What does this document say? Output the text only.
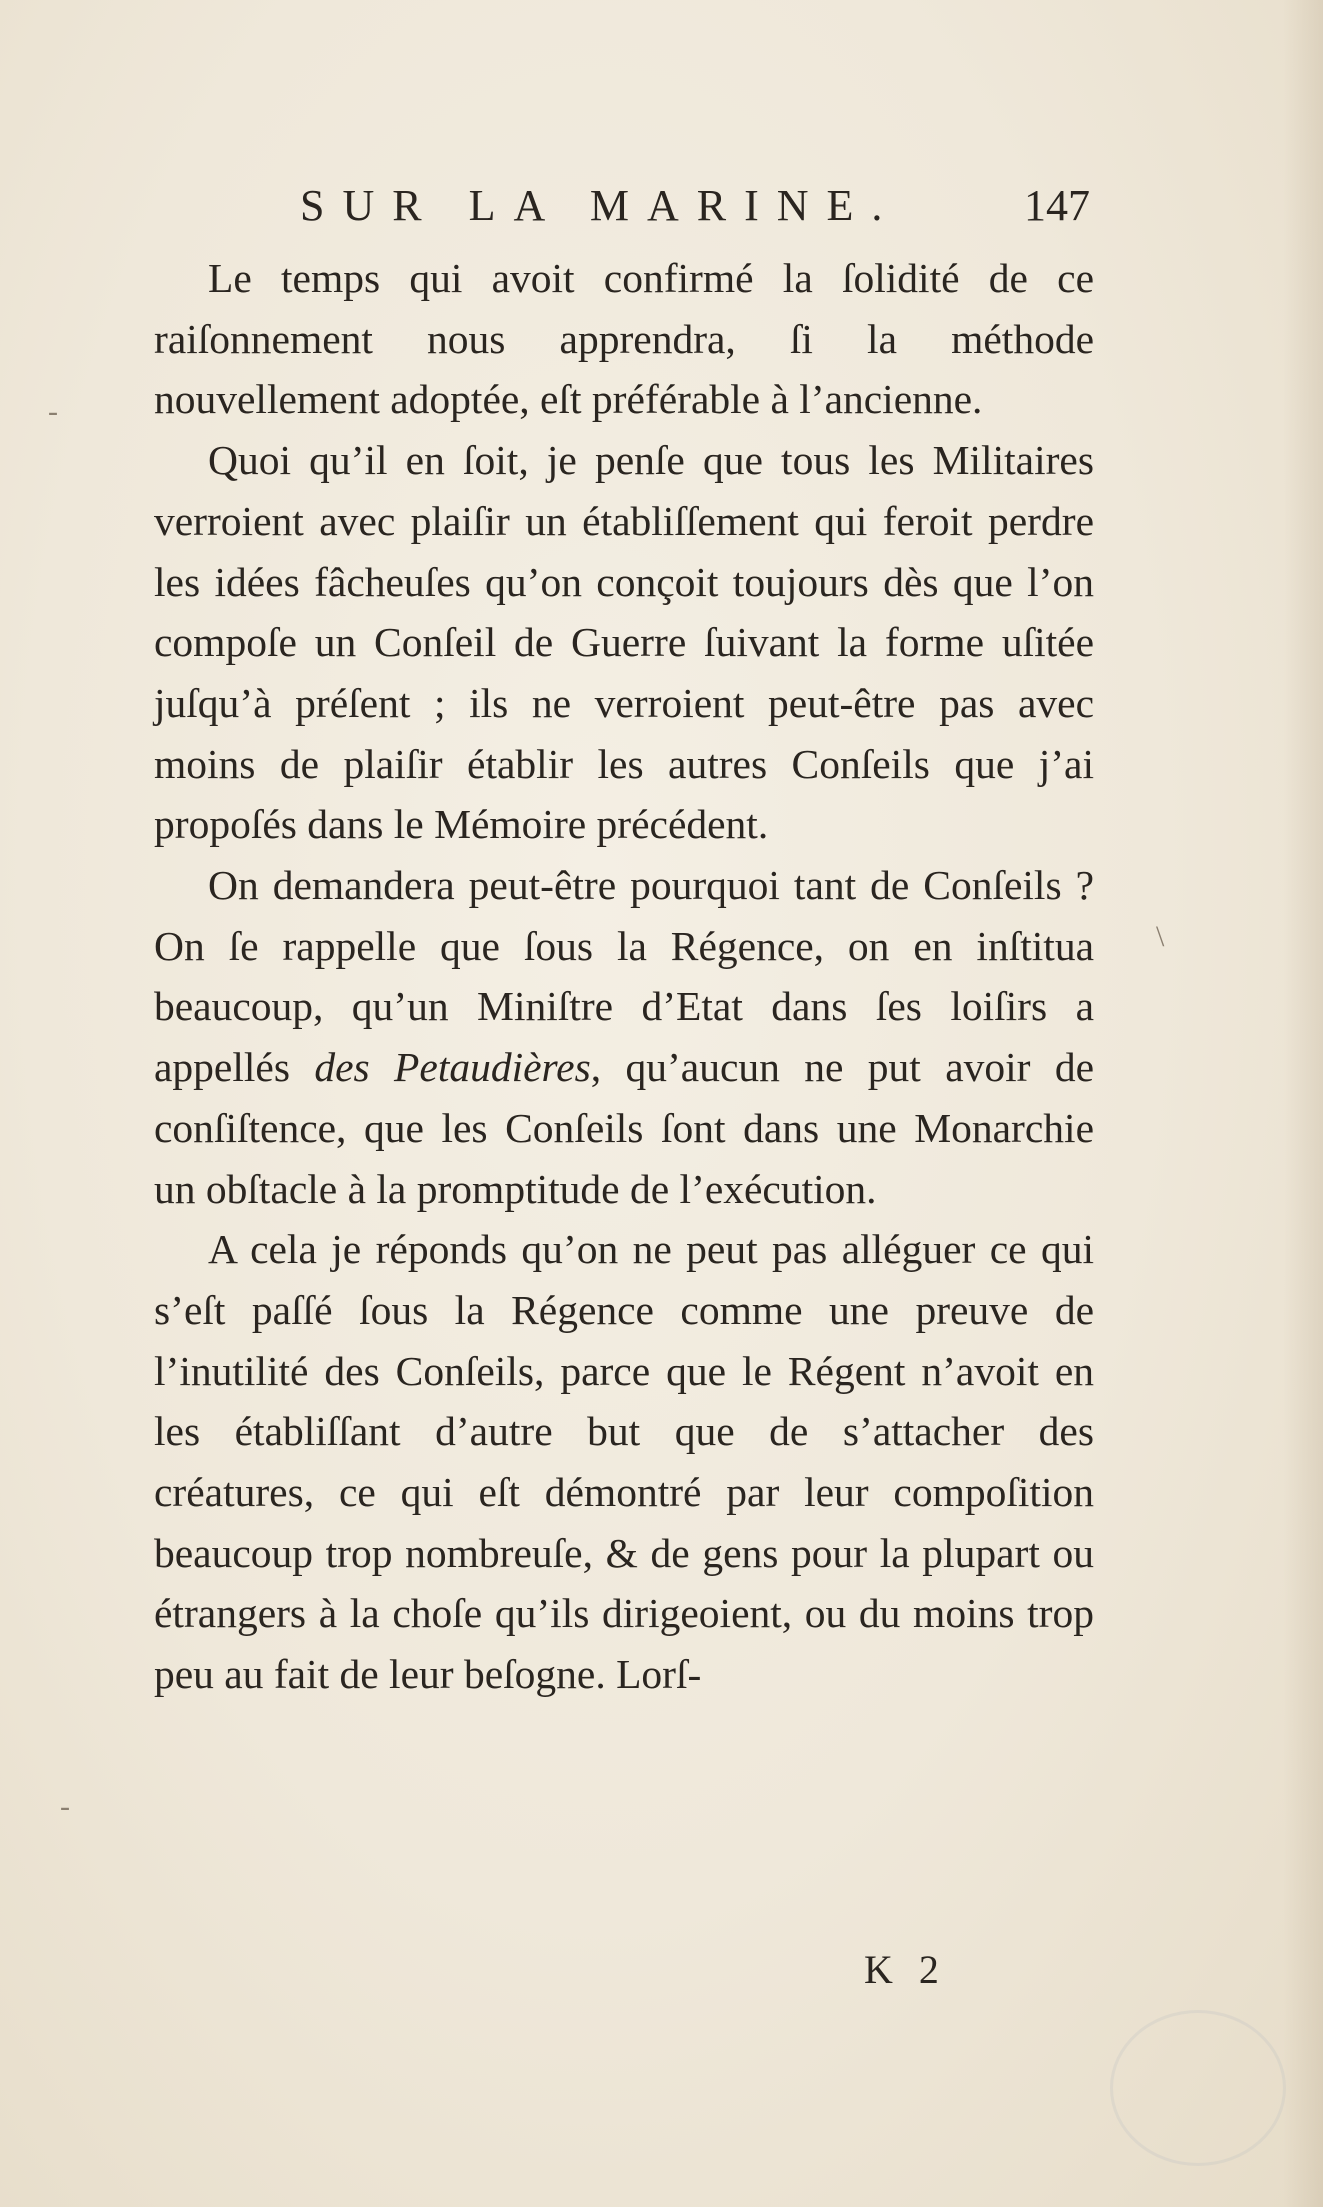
SUR LA MARINE.	147

Le temps qui avoit confirmé la ſolidité de ce raiſonnement nous apprendra, ſi la méthode nouvellement adoptée, eſt préférable à l’ancienne.

Quoi qu’il en ſoit, je penſe que tous les Militaires verroient avec plaiſir un établiſſement qui feroit perdre les idées fâcheuſes qu’on conçoit toujours dès que l’on compoſe un Conſeil de Guerre ſuivant la forme uſitée juſqu’à préſent ; ils ne verroient peut-être pas avec moins de plaiſir établir les autres Conſeils que j’ai propoſés dans le Mémoire précédent.

On demandera peut-être pourquoi tant de Conſeils ? On ſe rappelle que ſous la Régence, on en inſtitua beaucoup, qu’un Miniſtre d’Etat dans ſes loiſirs a appellés des Petaudières, qu’aucun ne put avoir de conſiſtence, que les Conſeils ſont dans une Monarchie un obſtacle à la promptitude de l’exécution.

A cela je réponds qu’on ne peut pas alléguer ce qui s’eſt paſſé ſous la Régence comme une preuve de l’inutilité des Conſeils, parce que le Régent n’avoit en les établiſſant d’autre but que de s’attacher des créatures, ce qui eſt démontré par leur compoſition beaucoup trop nombreuſe, & de gens pour la plupart ou étrangers à la choſe qu’ils dirigeoient, ou du moins trop peu au fait de leur beſogne. Lorſ-

K 2
-
-
\
